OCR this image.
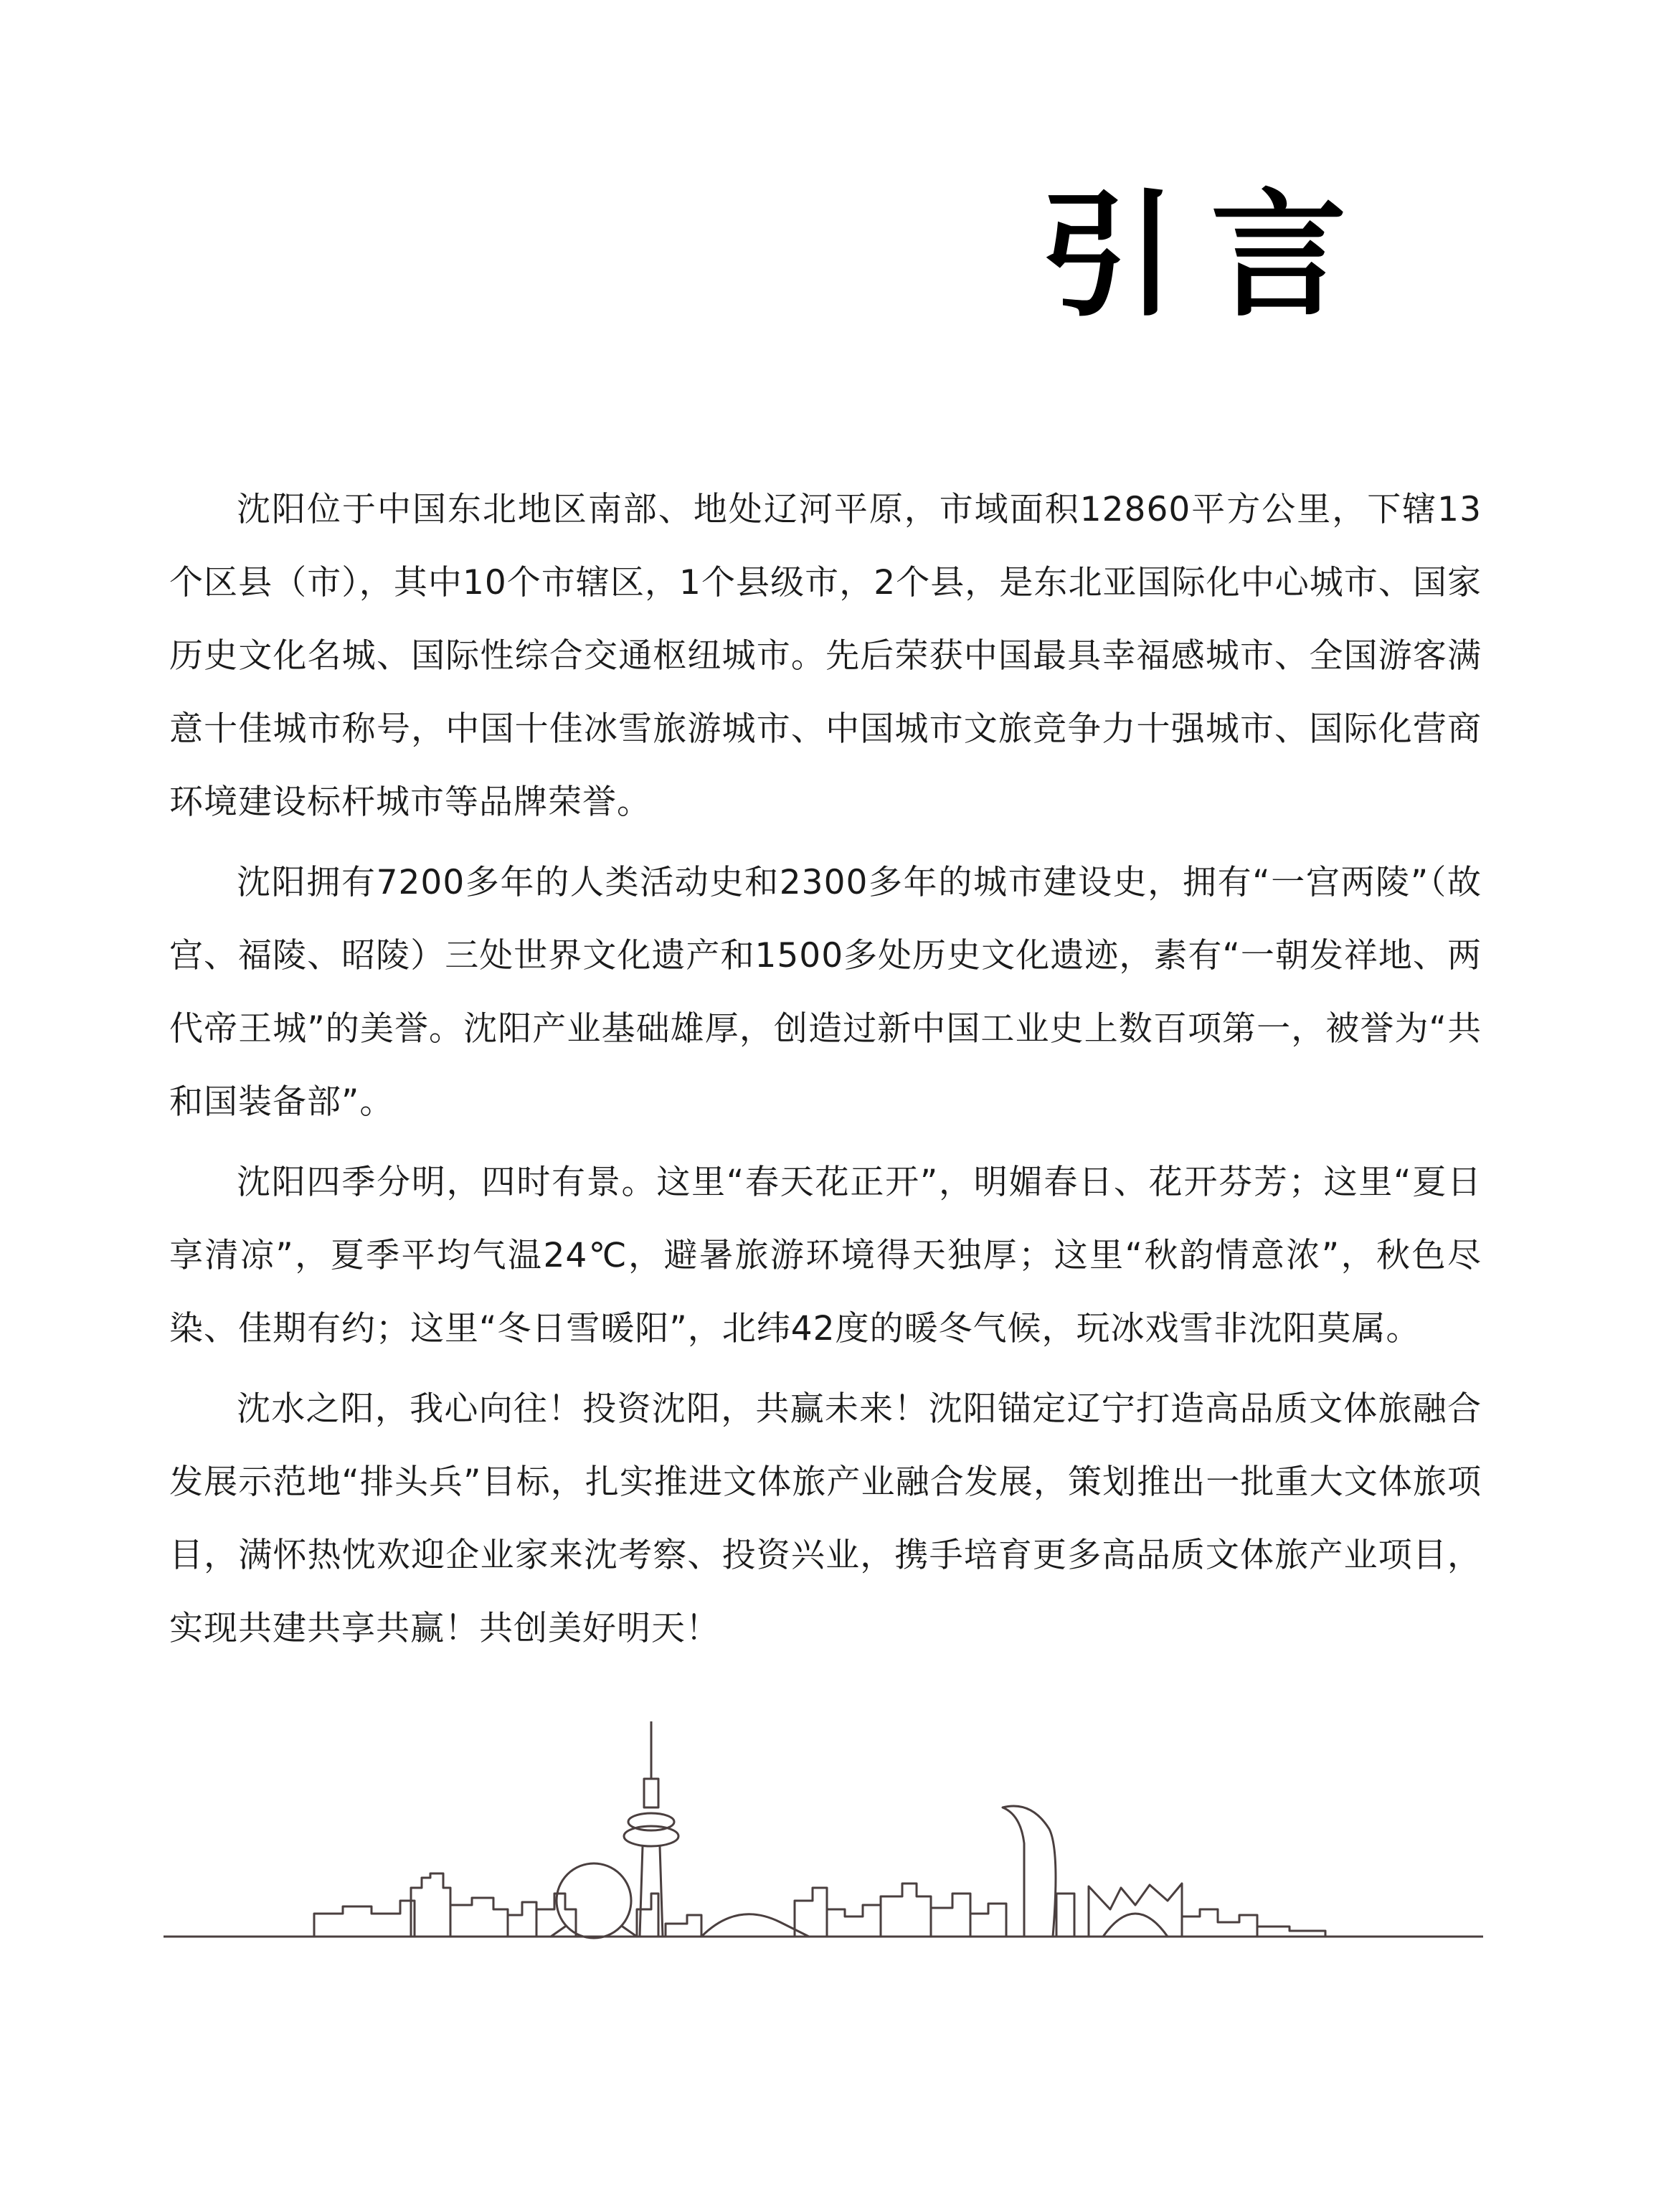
引言

沈阳位于中国东北地区南部、地处辽河平原，市域面积12860平方公里，下辖13个区县（市），其中10个市辖区，1个县级市，2个县，是东北亚国际化中心城市、国家历史文化名城、国际性综合交通枢纽城市。先后荣获中国最具幸福感城市、全国游客满意十佳城市称号，中国十佳冰雪旅游城市、中国城市文旅竞争力十强城市、国际化营商环境建设标杆城市等品牌荣誉。

沈阳拥有7200多年的人类活动史和2300多年的城市建设史，拥有“一宫两陵”（故宫、福陵、昭陵）三处世界文化遗产和1500多处历史文化遗迹，素有“一朝发祥地、两代帝王城”的美誉。沈阳产业基础雄厚，创造过新中国工业史上数百项第一，被誉为“共和国装备部”。

沈阳四季分明，四时有景。这里“春天花正开”，明媚春日、花开芬芳；这里“夏日享清凉”，夏季平均气温24℃，避暑旅游环境得天独厚；这里“秋韵情意浓”，秋色尽染、佳期有约；这里“冬日雪暖阳”，北纬42度的暖冬气候，玩冰戏雪非沈阳莫属。

沈水之阳，我心向往！投资沈阳，共赢未来！沈阳锚定辽宁打造高品质文体旅融合发展示范地“排头兵”目标，扎实推进文体旅产业融合发展，策划推出一批重大文体旅项目，满怀热忱欢迎企业家来沈考察、投资兴业，携手培育更多高品质文体旅产业项目，实现共建共享共赢！共创美好明天！
